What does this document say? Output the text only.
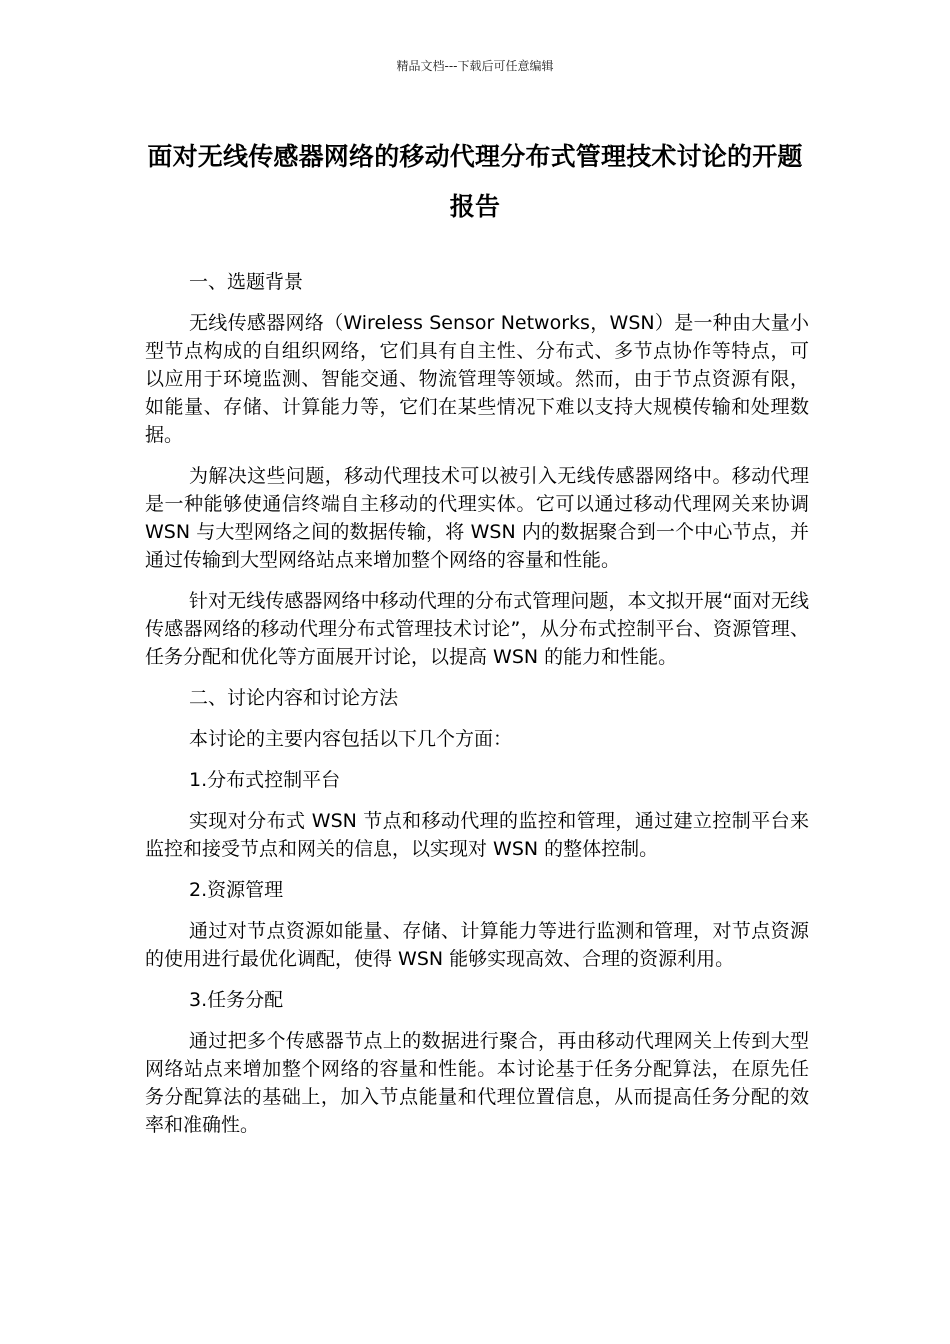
精品文档---下载后可任意编辑
面对无线传感器网络的移动代理分布式管理技术讨论的开题报告

一、选题背景

无线传感器网络（Wireless Sensor Networks，WSN）是一种由大量小型节点构成的自组织网络，它们具有自主性、分布式、多节点协作等特点，可以应用于环境监测、智能交通、物流管理等领域。然而，由于节点资源有限，如能量、存储、计算能力等，它们在某些情况下难以支持大规模传输和处理数据。

为解决这些问题，移动代理技术可以被引入无线传感器网络中。移动代理是一种能够使通信终端自主移动的代理实体。它可以通过移动代理网关来协调 WSN 与大型网络之间的数据传输，将 WSN 内的数据聚合到一个中心节点，并通过传输到大型网络站点来增加整个网络的容量和性能。

针对无线传感器网络中移动代理的分布式管理问题，本文拟开展“面对无线传感器网络的移动代理分布式管理技术讨论”，从分布式控制平台、资源管理、任务分配和优化等方面展开讨论，以提高 WSN 的能力和性能。

二、讨论内容和讨论方法

本讨论的主要内容包括以下几个方面：

1.分布式控制平台

实现对分布式 WSN 节点和移动代理的监控和管理，通过建立控制平台来监控和接受节点和网关的信息，以实现对 WSN 的整体控制。

2.资源管理

通过对节点资源如能量、存储、计算能力等进行监测和管理，对节点资源的使用进行最优化调配，使得 WSN 能够实现高效、合理的资源利用。

3.任务分配

通过把多个传感器节点上的数据进行聚合，再由移动代理网关上传到大型网络站点来增加整个网络的容量和性能。本讨论基于任务分配算法，在原先任务分配算法的基础上，加入节点能量和代理位置信息，从而提高任务分配的效率和准确性。
